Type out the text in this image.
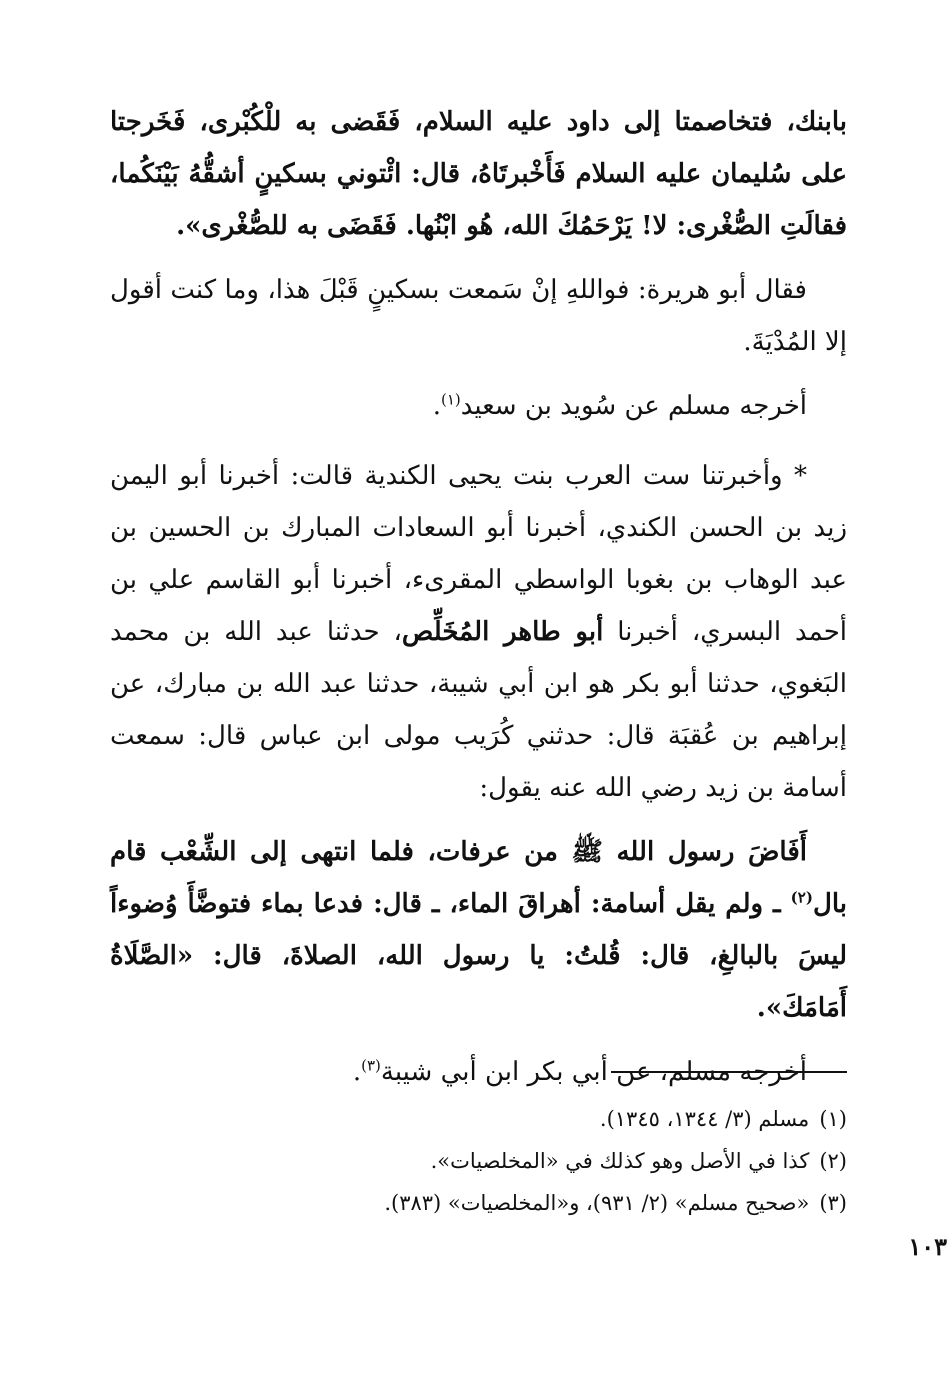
بابنك، فتخاصمتا إلى داود عليه السلام، فَقَضى به للْكُبْرى، فَخَرجتا على سُليمان عليه السلام فَأَخْبرتَاهُ، قال: ائْتوني بسكينٍ أشقُّهُ بَيْنَكُما، فقالَتِ الصُّغْرى: لا! يَرْحَمُكَ الله، هُو ابْنُها. فَقَضَى به للصُّغْرى».

فقال أبو هريرة: فواللهِ إنْ سَمعت بسكينٍ قَبْلَ هذا، وما كنت أقول إلا المُدْيَةَ.

أخرجه مسلم عن سُويد بن سعيد$^{(١)}$.

* وأخبرتنا ست العرب بنت يحيى الكندية قالت: أخبرنا أبو اليمن زيد بن الحسن الكندي، أخبرنا أبو السعادات المبارك بن الحسين بن عبد الوهاب بن بغوبا الواسطي المقرىء، أخبرنا أبو القاسم علي بن أحمد البسري، أخبرنا أبو طاهر المُخَلِّص، حدثنا عبد الله بن محمد البَغوي، حدثنا أبو بكر هو ابن أبي شيبة، حدثنا عبد الله بن مبارك، عن إبراهيم بن عُقبَة قال: حدثني كُرَيب مولى ابن عباس قال: سمعت أسامة بن زيد رضي الله عنه يقول:

أَفَاضَ رسول الله ﷺ من عرفات، فلما انتهى إلى الشِّعْب قام بال$^{(٢)}$ ـ ولم يقل أسامة: أهراقَ الماء، ـ قال: فدعا بماء فتوضَّأَ وُضوءاً ليسَ بالبالغِ، قال: قُلتُ: يا رسول الله، الصلاةَ، قال: «الصَّلَاةُ أَمَامَكَ».

أخرجه مسلم، عن أبي بكر ابن أبي شيبة$^{(٣)}$.

(١)مسلم (٣/ ١٣٤٤، ١٣٤٥).

(٢)كذا في الأصل وهو كذلك في «المخلصيات».

(٣)«صحيح مسلم» (٢/ ٩٣١)، و«المخلصيات» (٣٨٣).

١٠٣
